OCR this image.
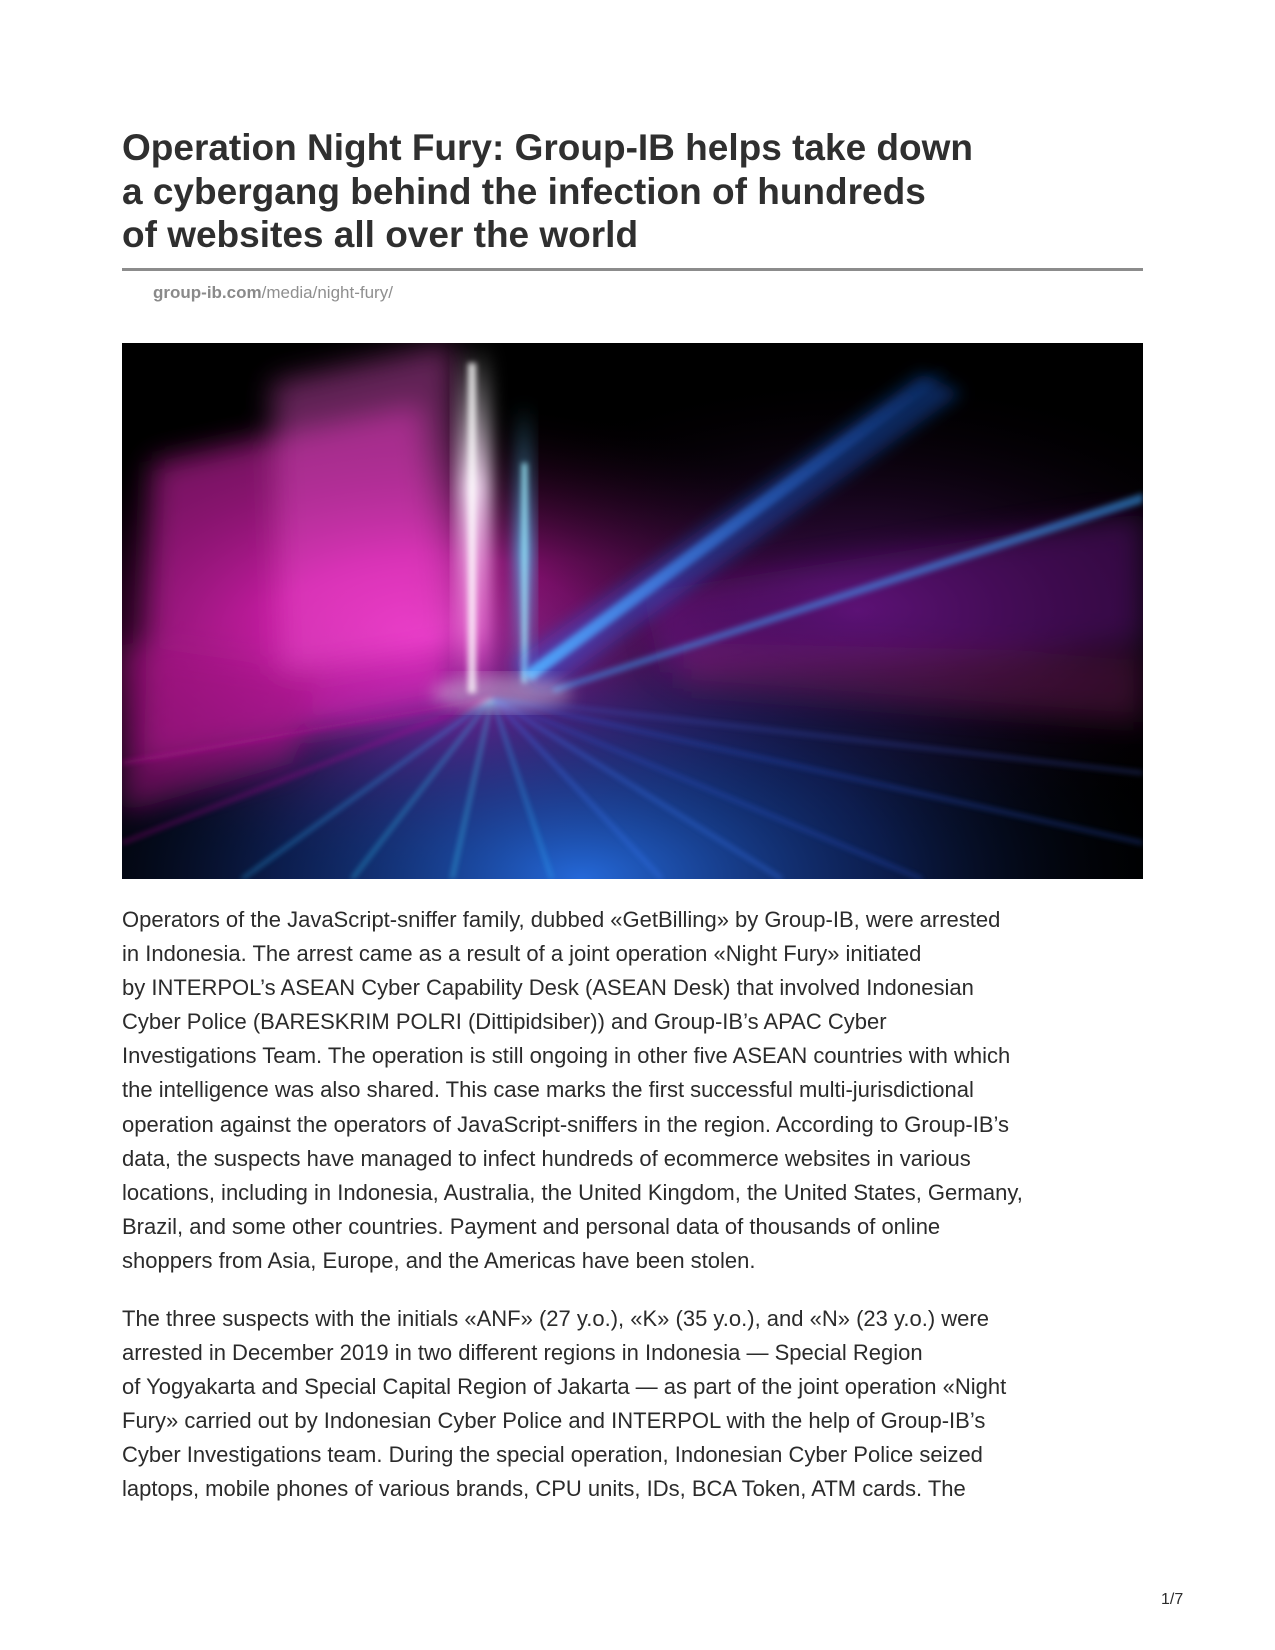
Operation Night Fury: Group-IB helps take down
a cybergang behind the infection of hundreds
of websites all over the world
group-ib.com/media/night-fury/
Operators of the JavaScript-sniffer family, dubbed «GetBilling» by Group-IB, were arrested
in Indonesia. The arrest came as a result of a joint operation «Night Fury» initiated
by INTERPOL’s ASEAN Cyber Capability Desk (ASEAN Desk) that involved Indonesian
Cyber Police (BARESKRIM POLRI (Dittipidsiber)) and Group-IB’s APAC Cyber
Investigations Team. The operation is still ongoing in other five ASEAN countries with which
the intelligence was also shared. This case marks the first successful multi-jurisdictional
operation against the operators of JavaScript-sniffers in the region. According to Group-IB’s
data, the suspects have managed to infect hundreds of ecommerce websites in various
locations, including in Indonesia, Australia, the United Kingdom, the United States, Germany,
Brazil, and some other countries. Payment and personal data of thousands of online
shoppers from Asia, Europe, and the Americas have been stolen.
The three suspects with the initials «ANF» (27 y.o.), «K» (35 y.o.), and «N» (23 y.o.) were
arrested in December 2019 in two different regions in Indonesia — Special Region
of Yogyakarta and Special Capital Region of Jakarta — as part of the joint operation «Night
Fury» carried out by Indonesian Cyber Police and INTERPOL with the help of Group-IB’s
Cyber Investigations team. During the special operation, Indonesian Cyber Police seized
laptops, mobile phones of various brands, CPU units, IDs, BCA Token, ATM cards. The
1/7
